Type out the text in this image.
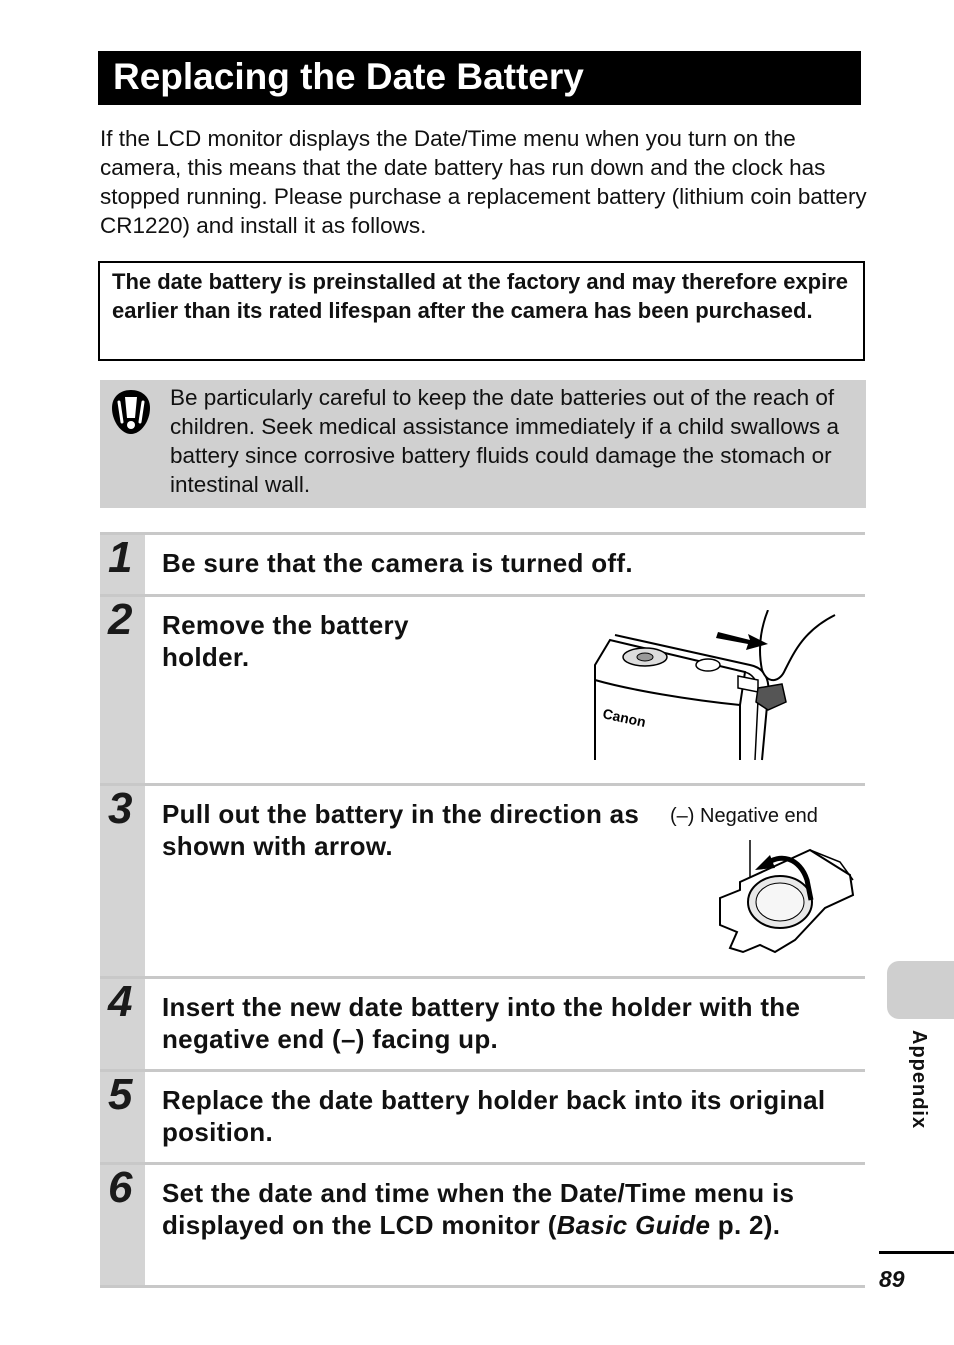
Replacing the Date Battery
If the LCD monitor displays the Date/Time menu when you turn on the camera, this means that the date battery has run down and the clock has stopped running. Please purchase a replacement battery (lithium coin battery CR1220) and install it as follows.
The date battery is preinstalled at the factory and may therefore expire earlier than its rated lifespan after the camera has been purchased.
Be particularly careful to keep the date batteries out of the reach of children. Seek medical assistance immediately if a child swallows a battery since corrosive battery fluids could damage the stomach or intestinal wall.
1 Be sure that the camera is turned off.
2 Remove the battery holder.
3 Pull out the battery in the direction as shown with arrow.
4 Insert the new date battery into the holder with the negative end (–) facing up.
5 Replace the date battery holder back into its original position.
6 Set the date and time when the Date/Time menu is displayed on the LCD monitor (Basic Guide p. 2).
Canon
(–) Negative end
Appendix
89
